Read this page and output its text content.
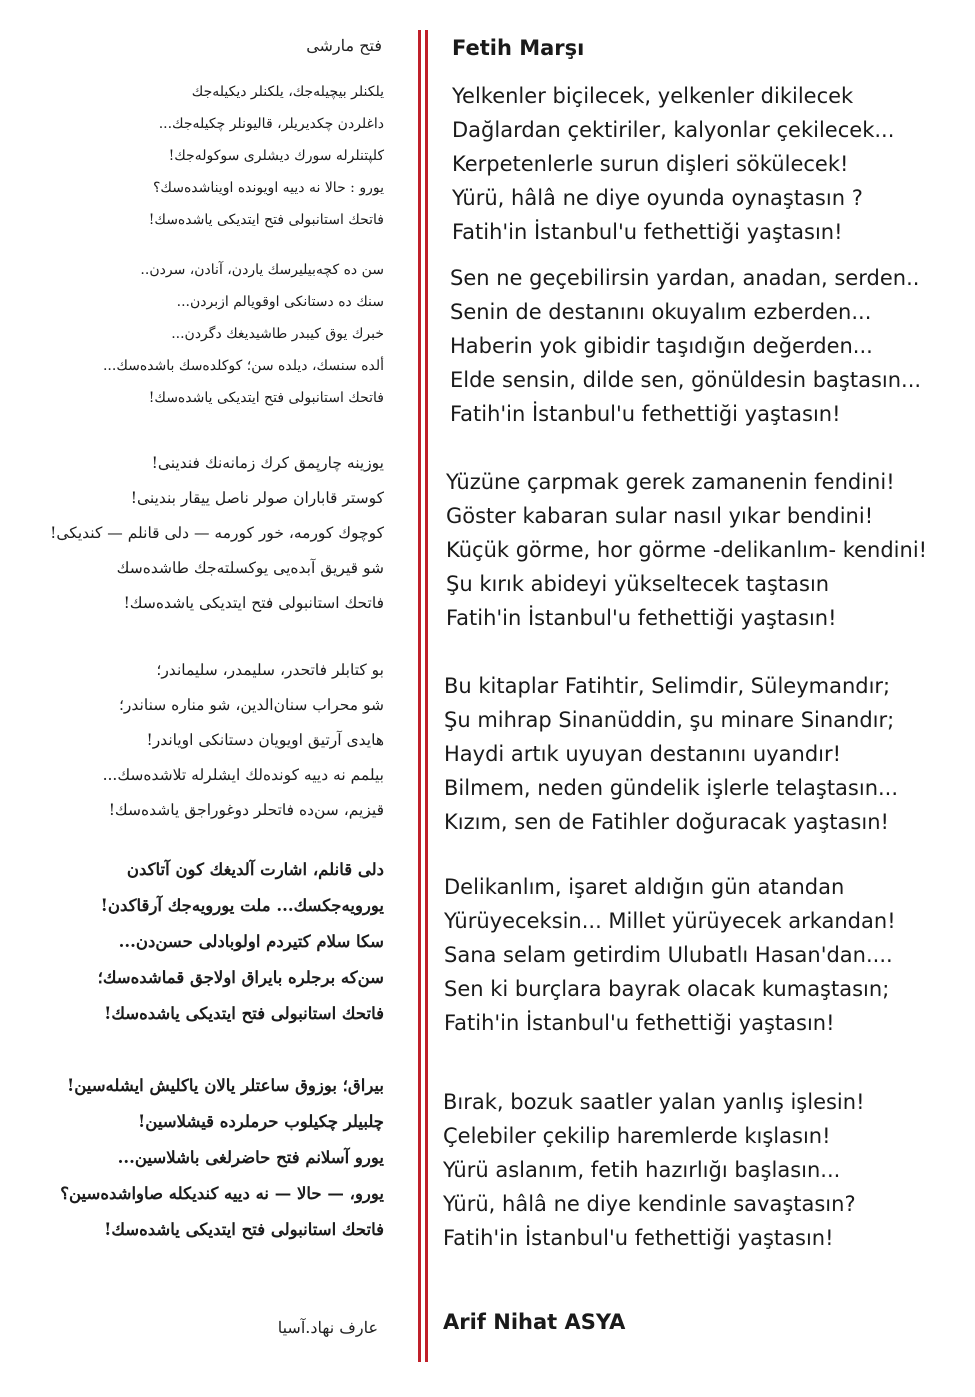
فتح مارشی
یلکنلر بیچیله‌جك، یلکنلر دیکیله‌جك
داغلردن چکدیریلر، قالیونلر چکیله‌جك...
کلپتنلرله سورك دیشلری سوکوله‌جك!
یورو : حالا نه دییه اویونده اویناشده‌سك؟
فاتحك استانبولی فتح ایتدیکی یاشده‌سك!
سن ده کچه‌بیلیرسك یاردن، آنادن، سردن..
سنك ده دستانکی اوقویالم ازبردن...
خبرك یوق کیبدر طاشیدیغك دگردن...
ألده سنسك، دیلده سن؛ کوکلده‌سك باشده‌سك...
فاتحك استانبولی فتح ایتدیکی یاشده‌سك!
یوزینه چارپمق کرك زمانه‌نك فندینی!
کوستر قاباران صولر ناصل ییقار بندینی!
کوچوك کورمه، خور کورمه — دلی قانلم — کندیکی!
شو قیریق آبده‌یی یوکسلته‌جك طاشده‌سك
فاتحك استانبولی فتح ایتدیکی یاشده‌سك!
بو کتابلر فاتحدر، سلیمدر، سلیماندر؛
شو محراب سنان‌الدین، شو مناره سناندر؛
هایدی آرتیق اویویان دستانکی اویاندر!
بیلمم نه دییه کوندەلك ایشلرله تلاشده‌سك...
قیزیم، سن‌ده فاتحلر دوغوراجق یاشده‌سك!
دلی قانلم، اشارت آلدیغك کون آتاکدن
یورویه‌جکسك... ملت یورویه‌جك آرقاکدن!
سکا سلام کتیردم اولوبادلی حسن‌دن...
سن‌که برجلره بایراق اولاجق قماشده‌سك؛
فاتحك استانبولی فتح ایتدیکی یاشده‌سك!
بیراق؛ بوزوق ساعتلر یالان یاکلیش ایشله‌سین!
چلبیلر چکیلوب حرملرده قیشلاسین!
یورو آسلانم فتح حاضرلغی باشلاسین...
یورو، — حالا — نه دییه کندیکله صاواشده‌سین؟
فاتحك استانبولی فتح ایتدیکی یاشده‌سك!
عارف نهاد.آسیا
Fetih Marşı
Yelkenler biçilecek, yelkenler dikilecek
Dağlardan çektiriler, kalyonlar çekilecek...
Kerpetenlerle surun dişleri sökülecek!
Yürü, hâlâ ne diye oyunda oynaştasın ?
Fatih'in İstanbul'u fethettiği yaştasın!
Sen ne geçebilirsin yardan, anadan, serden..
Senin de destanını okuyalım ezberden...
Haberin yok gibidir taşıdığın değerden...
Elde sensin, dilde sen, gönüldesin baştasın...
Fatih'in İstanbul'u fethettiği yaştasın!
Yüzüne çarpmak gerek zamanenin fendini!
Göster kabaran sular nasıl yıkar bendini!
Küçük görme, hor görme -delikanlım- kendini!
Şu kırık abideyi yükseltecek taştasın
Fatih'in İstanbul'u fethettiği yaştasın!
Bu kitaplar Fatihtir, Selimdir, Süleymandır;
Şu mihrap Sinanüddin, şu minare Sinandır;
Haydi artık uyuyan destanını uyandır!
Bilmem, neden gündelik işlerle telaştasın...
Kızım, sen de Fatihler doğuracak yaştasın!
Delikanlım, işaret aldığın gün atandan
Yürüyeceksin... Millet yürüyecek arkandan!
Sana selam getirdim Ulubatlı Hasan'dan....
Sen ki burçlara bayrak olacak kumaştasın;
Fatih'in İstanbul'u fethettiği yaştasın!
Bırak, bozuk saatler yalan yanlış işlesin!
Çelebiler çekilip haremlerde kışlasın!
Yürü aslanım, fetih hazırlığı başlasın...
Yürü, hâlâ ne diye kendinle savaştasın?
Fatih'in İstanbul'u fethettiği yaştasın!
Arif Nihat ASYA
